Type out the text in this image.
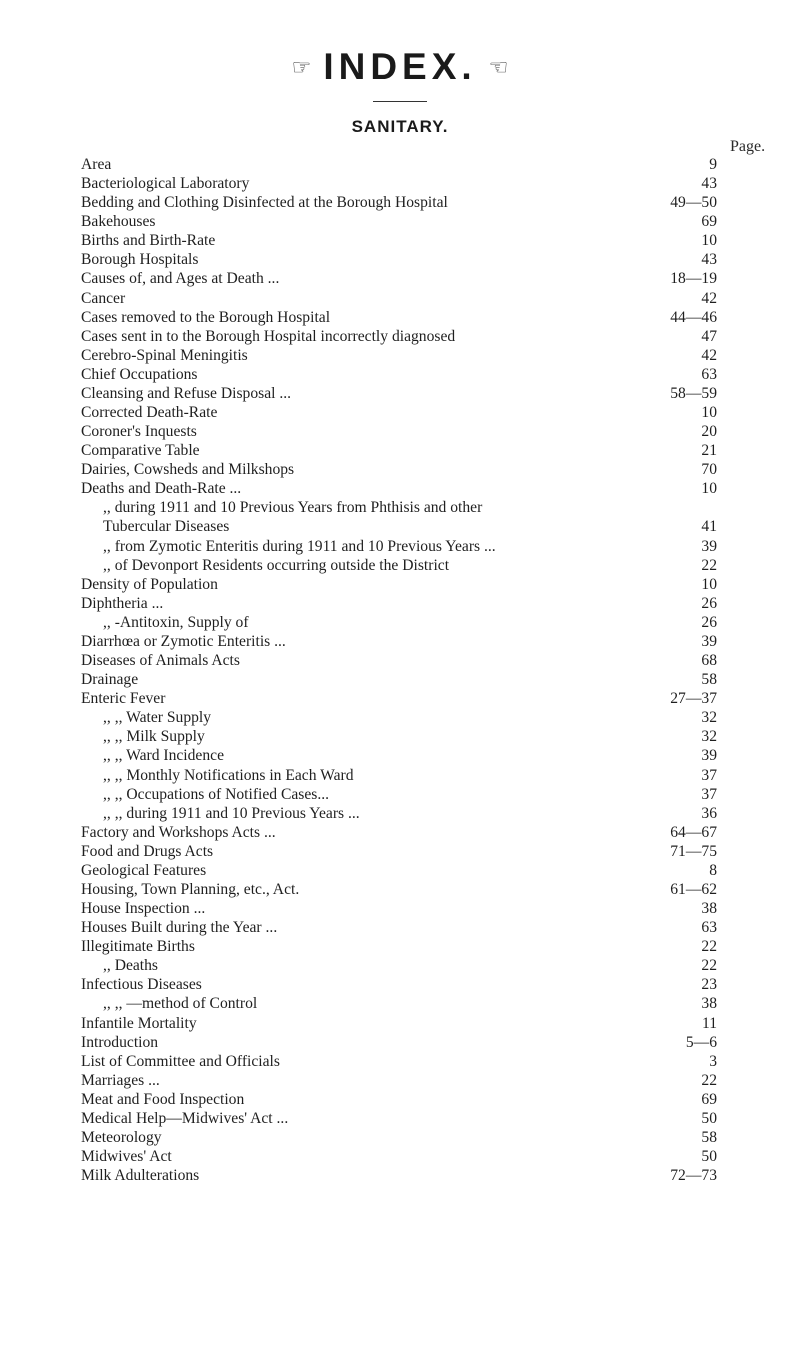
☞ INDEX. ☜
SANITARY.
Page.
Area	9
Bacteriological Laboratory	43
Bedding and Clothing Disinfected at the Borough Hospital	49—50
Bakehouses	69
Births and Birth-Rate	10
Borough Hospitals	43
Causes of, and Ages at Death ...	18—19
Cancer	42
Cases removed to the Borough Hospital	44—46
Cases sent in to the Borough Hospital incorrectly diagnosed	47
Cerebro-Spinal Meningitis	42
Chief Occupations	63
Cleansing and Refuse Disposal ...	58—59
Corrected Death-Rate	10
Coroner's Inquests	20
Comparative Table	21
Dairies, Cowsheds and Milkshops	70
Deaths and Death-Rate ...	10
,, during 1911 and 10 Previous Years from Phthisis and other
Tubercular Diseases	41
,, from Zymotic Enteritis during 1911 and 10 Previous Years ...	39
,, of Devonport Residents occurring outside the District	22
Density of Population	10
Diphtheria ...	26
,, -Antitoxin, Supply of	26
Diarrhœa or Zymotic Enteritis ...	39
Diseases of Animals Acts	68
Drainage	58
Enteric Fever	27—37
,, ,, Water Supply	32
,, ,, Milk Supply	32
,, ,, Ward Incidence	39
,, ,, Monthly Notifications in Each Ward	37
,, ,, Occupations of Notified Cases...	37
,, ,, during 1911 and 10 Previous Years ...	36
Factory and Workshops Acts ...	64—67
Food and Drugs Acts	71—75
Geological Features	8
Housing, Town Planning, etc., Act.	61—62
House Inspection ...	38
Houses Built during the Year ...	63
Illegitimate Births	22
,, Deaths	22
Infectious Diseases	23
,, ,, —method of Control	38
Infantile Mortality	11
Introduction	5—6
List of Committee and Officials	3
Marriages ...	22
Meat and Food Inspection	69
Medical Help—Midwives' Act ...	50
Meteorology	58
Midwives' Act	50
Milk Adulterations	72—73
